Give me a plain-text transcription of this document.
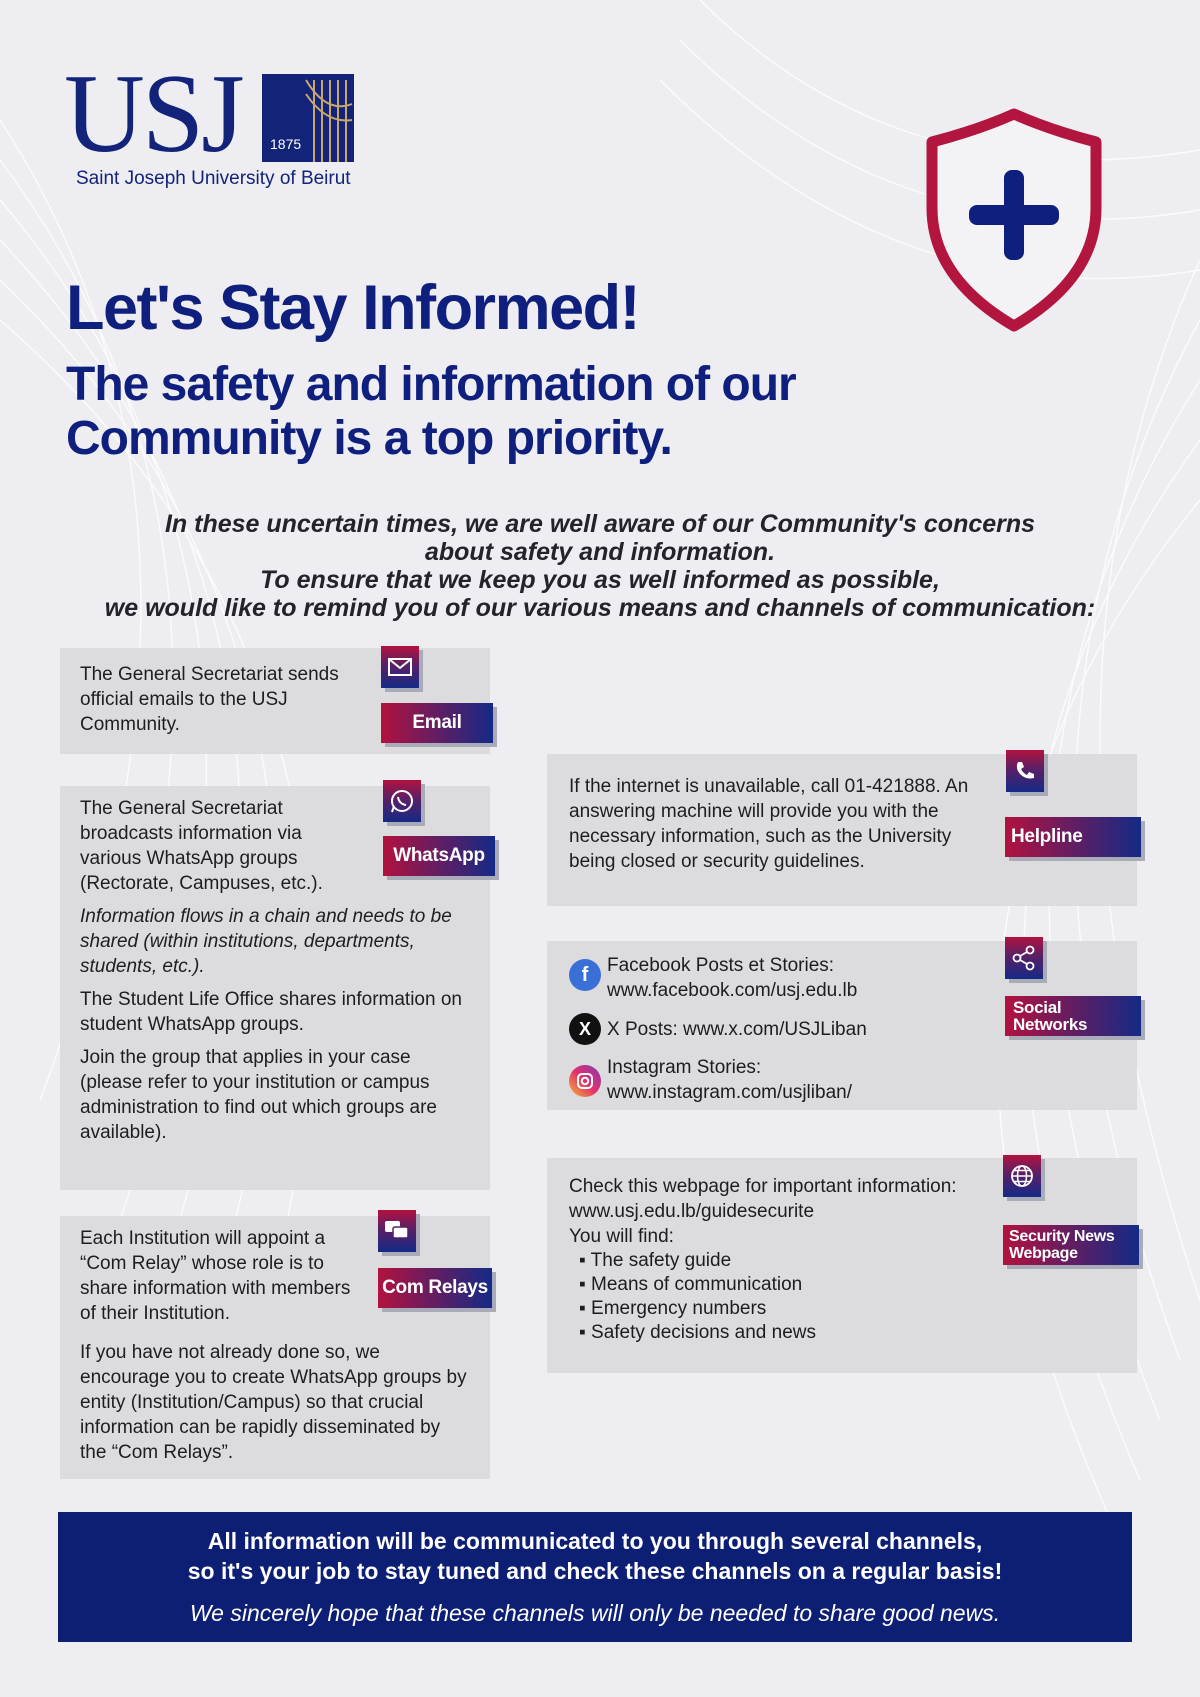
USJ 1875
Saint Joseph University of Beirut
Let's Stay Informed!
The safety and information of our
Community is a top priority.
In these uncertain times, we are well aware of our Community's concerns
about safety and information.
To ensure that we keep you as well informed as possible,
we would like to remind you of our various means and channels of communication:

The General Secretariat sends official emails to the USJ Community.	Email

The General Secretariat broadcasts information via various WhatsApp groups (Rectorate, Campuses, etc.).

Information flows in a chain and needs to be shared (within institutions, departments, students, etc.).

The Student Life Office shares information on student WhatsApp groups.

Join the group that applies in your case (please refer to your institution or campus administration to find out which groups are available).

WhatsApp

Each Institution will appoint a “Com Relay” whose role is to share information with members of their Institution.

If you have not already done so, we encourage you to create WhatsApp groups by entity (Institution/Campus) so that crucial information can be rapidly disseminated by the “Com Relays”.

Com Relays

If the internet is unavailable, call 01-421888. An answering machine will provide you with the necessary information, such as the University being closed or security guidelines.

Helpline
f Facebook Posts et Stories:
www.facebook.com/usj.edu.lb
X X Posts: www.x.com/USJLiban
Instagram Stories:
www.instagram.com/usjliban/
Social
Networks
Check this webpage for important information:
www.usj.edu.lb/guidesecurite
You will find:
▪ The safety guide
▪ Means of communication
▪ Emergency numbers
▪ Safety decisions and news
Security News
Webpage
All information will be communicated to you through several channels,
so it's your job to stay tuned and check these channels on a regular basis!
We sincerely hope that these channels will only be needed to share good news.
